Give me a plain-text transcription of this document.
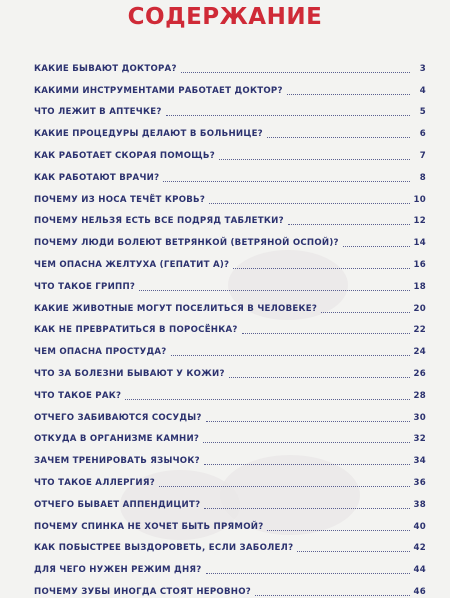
СОДЕРЖАНИЕ
КАКИЕ БЫВАЮТ ДОКТОРА?	3
КАКИМИ ИНСТРУМЕНТАМИ РАБОТАЕТ ДОКТОР?	4
ЧТО ЛЕЖИТ В АПТЕЧКЕ?	5
КАКИЕ ПРОЦЕДУРЫ ДЕЛАЮТ В БОЛЬНИЦЕ?	6
КАК РАБОТАЕТ СКОРАЯ ПОМОЩЬ?	7
КАК РАБОТАЮТ ВРАЧИ?	8
ПОЧЕМУ ИЗ НОСА ТЕЧЁТ КРОВЬ?	10
ПОЧЕМУ НЕЛЬЗЯ ЕСТЬ ВСЕ ПОДРЯД ТАБЛЕТКИ?	12
ПОЧЕМУ ЛЮДИ БОЛЕЮТ ВЕТРЯНКОЙ (ВЕТРЯНОЙ ОСПОЙ)?	14
ЧЕМ ОПАСНА ЖЕЛТУХА (ГЕПАТИТ А)?	16
ЧТО ТАКОЕ ГРИПП?	18
КАКИЕ ЖИВОТНЫЕ МОГУТ ПОСЕЛИТЬСЯ В ЧЕЛОВЕКЕ?	20
КАК НЕ ПРЕВРАТИТЬСЯ В ПОРОСЁНКА?	22
ЧЕМ ОПАСНА ПРОСТУДА?	24
ЧТО ЗА БОЛЕЗНИ БЫВАЮТ У КОЖИ?	26
ЧТО ТАКОЕ РАК?	28
ОТЧЕГО ЗАБИВАЮТСЯ СОСУДЫ?	30
ОТКУДА В ОРГАНИЗМЕ КАМНИ?	32
ЗАЧЕМ ТРЕНИРОВАТЬ ЯЗЫЧОК?	34
ЧТО ТАКОЕ АЛЛЕРГИЯ?	36
ОТЧЕГО БЫВАЕТ АППЕНДИЦИТ?	38
ПОЧЕМУ СПИНКА НЕ ХОЧЕТ БЫТЬ ПРЯМОЙ?	40
КАК ПОБЫСТРЕЕ ВЫЗДОРОВЕТЬ, ЕСЛИ ЗАБОЛЕЛ?	42
ДЛЯ ЧЕГО НУЖЕН РЕЖИМ ДНЯ?	44
ПОЧЕМУ ЗУБЫ ИНОГДА СТОЯТ НЕРОВНО?	46
